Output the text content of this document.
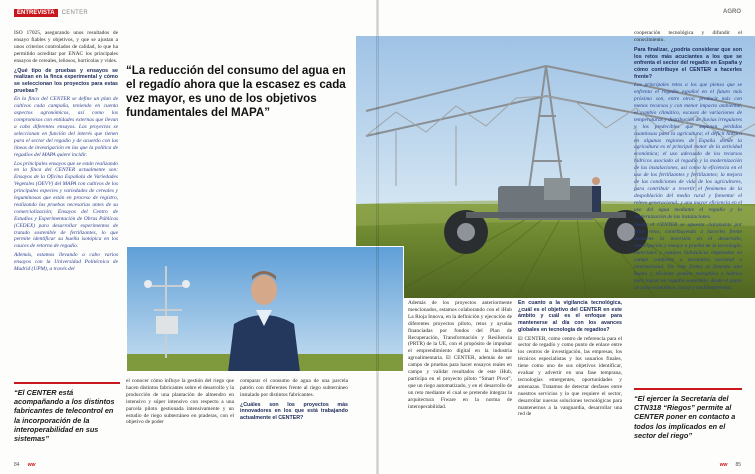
ENTREVISTA	CENTER

ISO 17025, asegurando unos resultados de ensayo fiables y objetivos, y que se ajustan a unos criterios controlados de calidad, lo que ha permitido acreditar por ENAC los principales ensayos de cereales, leñosos, hortícolas y vides.

¿Qué tipo de pruebas y ensayos se realizan en la finca experimental y cómo se seleccionan los proyectos para estas pruebas?

En la finca del CENTER se define un plan de cultivos cada campaña, teniendo en cuenta aspectos agronómicos, así como los compromisos con entidades externas que llevan a cabo diferentes ensayos. Los proyectos se seleccionan en función del interés que tienen para el sector del regadío y de acuerdo con las líneas de investigación en las que la política de regadíos del MAPA quiere incidir.

Los principales ensayos que se están realizando en la finca del CENTER actualmente son: Ensayos de la Oficina Española de Variedades Vegetales (OEVV) del MAPA con cultivos de los principales especies y variedades de cereales y leguminosas que están en proceso de registro, realizando las pruebas necesarias antes de su comercialización; Ensayos del Centro de Estudios y Experimentación de Obras Públicas (CEDEX) para desarrollar experimentos de tratado sostenible de fertilizantes, lo que permite identificar su huella isotópica en los cauces de retorno de regadío.

Además, estamos llevando a cabo varios ensayos con la Universidad Politécnica de Madrid (UPM), a través del

“El CENTER está acompañando a los distintos fabricantes de telecontrol en la incorporación de la interoperabilidad en sus sistemas”

el conocer cómo influye la gestión del riego que hacen distintos fabricantes sobre el desarrollo y la producción de una plantación de almendro en intensivo y súper intensivo con respecto a una parcela piloto gestionada intensivamente y un estudio de riego subterráneo en praderas, con el objetivo de poder

comparar el consumo de agua de una parcela patrón con diferentes frente al riego subterráneo instalado por distintos fabricantes.

¿Cuáles son los proyectos más innovadores en los que está trabajando actualmente el CENTER?

84 ww
AGRO

Además de los proyectos anteriormente mencionados, estamos colaborando con el iHub La Rioja Innova, en la definición y ejecución de diferentes proyectos piloto, retos y ayudas financiadas por fondos del Plan de Recuperación, Transformación y Resiliencia (PRTR) de la UE, con el propósito de impulsar el emprendimiento digital en la industria agroalimentaria. El CENTER, además de ser campo de pruebas para hacer ensayos reales en campo y validar resultados de este iHub, participa en el proyecto piloto “Smart Pivot”, que un riego automatizado, y en el desarrollo de un reto mediante el cual se pretende integrar la arquitectura Fiware en la norma de interoperabilidad.

En cuanto a la vigilancia tecnológica, ¿cuál es el objetivo del CENTER en este ámbito y cuál es el enfoque para mantenerse al día con los avances globales en tecnología de regadíos?

El CENTER, como centro de referencia para el sector de regadío y como punto de enlace entre los centros de investigación, las empresas, los técnicos especialistas y los usuarios finales, tiene como uno de sus objetivos identificar, evaluar y advertir en una fase temprana, tecnologías emergentes, oportunidades y amenazas. Tratamos de detectar desfases entre nuestros servicios y lo que requiere el sector, desarrollar nuevas soluciones tecnológicas para mantenernos a la vanguardia, desarrollar una red de

cooperación tecnológica y difundir el conocimiento.

Para finalizar, ¿podría considerar que son los retos más acuciantes a los que se enfrenta el sector del regadío en España y cómo contribuye el CENTER a hacerles frente?

Los principales retos a los que pienso que se enfrenta el regadío español en el futuro más próximo son, entre otros: producir más con menos recursos y con menor impacto ambiental, el cambio climático, escasez de variaciones de temperaturas y distribución de lluvias irregulares y los predecibles que suponen pérdidas cuantiosas para la agricultura; el déficit hídrico en algunas regiones de España donde la agricultura es el principal motor de la actividad económica; el uso adecuado de los recursos hídricos asociado al regadío y la modernización de las instalaciones, así como la eficiencia en el uso de los fertilizantes y fertilizantes; la mejora de las condiciones de vida de los agricultores, para contribuir a revertir el fenómeno de la despoblación del medio rural y fomentar el relevo generacional; y una mayor eficiencia en el uso del agua mediante el regadío y la modernización de las instalaciones.

Desde el CENTER se apuesta claramente por estos retos, contribuyendo a hacerles frente mediante la inversión en el desarrollo, investigación y ensayo a prueba de la tecnología, materiales y equipos hidráulicos empleados en campo conforme a normativa nacional e internacional. De esta forma se fomenta una buena y eficiente gestión energética e hídrica para lograr un regadío sostenible, desde el punto de vista económico, social y medioambiental.

“El ejercer la Secretaría del CTN318 “Riegos” permite al CENTER poner en contacto a todos los implicados en el sector del riego”
ww 85
“La reducción del consumo del agua en el regadío ahora que la escasez es cada vez mayor, es uno de los objetivos fundamentales del MAPA”
